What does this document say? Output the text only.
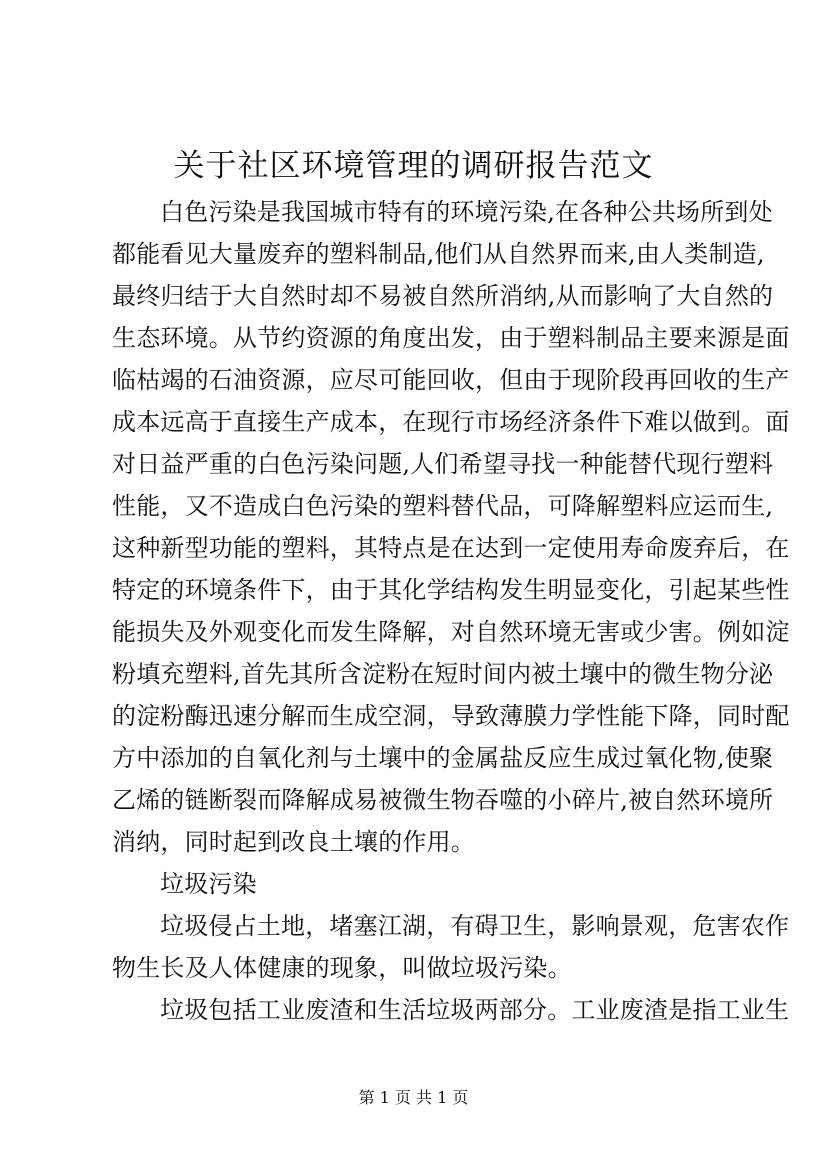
关于社区环境管理的调研报告范文
白色污染是我国城市特有的环境污染,在各种公共场所到处
都能看见大量废弃的塑料制品,他们从自然界而来,由人类制造,
最终归结于大自然时却不易被自然所消纳,从而影响了大自然的
生态环境。从节约资源的角度出发，由于塑料制品主要来源是面
临枯竭的石油资源，应尽可能回收，但由于现阶段再回收的生产
成本远高于直接生产成本，在现行市场经济条件下难以做到。面
对日益严重的白色污染问题,人们希望寻找一种能替代现行塑料
性能，又不造成白色污染的塑料替代品，可降解塑料应运而生,
这种新型功能的塑料，其特点是在达到一定使用寿命废弃后，在
特定的环境条件下，由于其化学结构发生明显变化，引起某些性
能损失及外观变化而发生降解，对自然环境无害或少害。例如淀
粉填充塑料,首先其所含淀粉在短时间内被土壤中的微生物分泌
的淀粉酶迅速分解而生成空洞，导致薄膜力学性能下降，同时配
方中添加的自氧化剂与土壤中的金属盐反应生成过氧化物,使聚
乙烯的链断裂而降解成易被微生物吞噬的小碎片,被自然环境所
消纳，同时起到改良土壤的作用。
垃圾污染
垃圾侵占土地，堵塞江湖，有碍卫生，影响景观，危害农作
物生长及人体健康的现象，叫做垃圾污染。
垃圾包括工业废渣和生活垃圾两部分。工业废渣是指工业生
第 1 页 共 1 页
